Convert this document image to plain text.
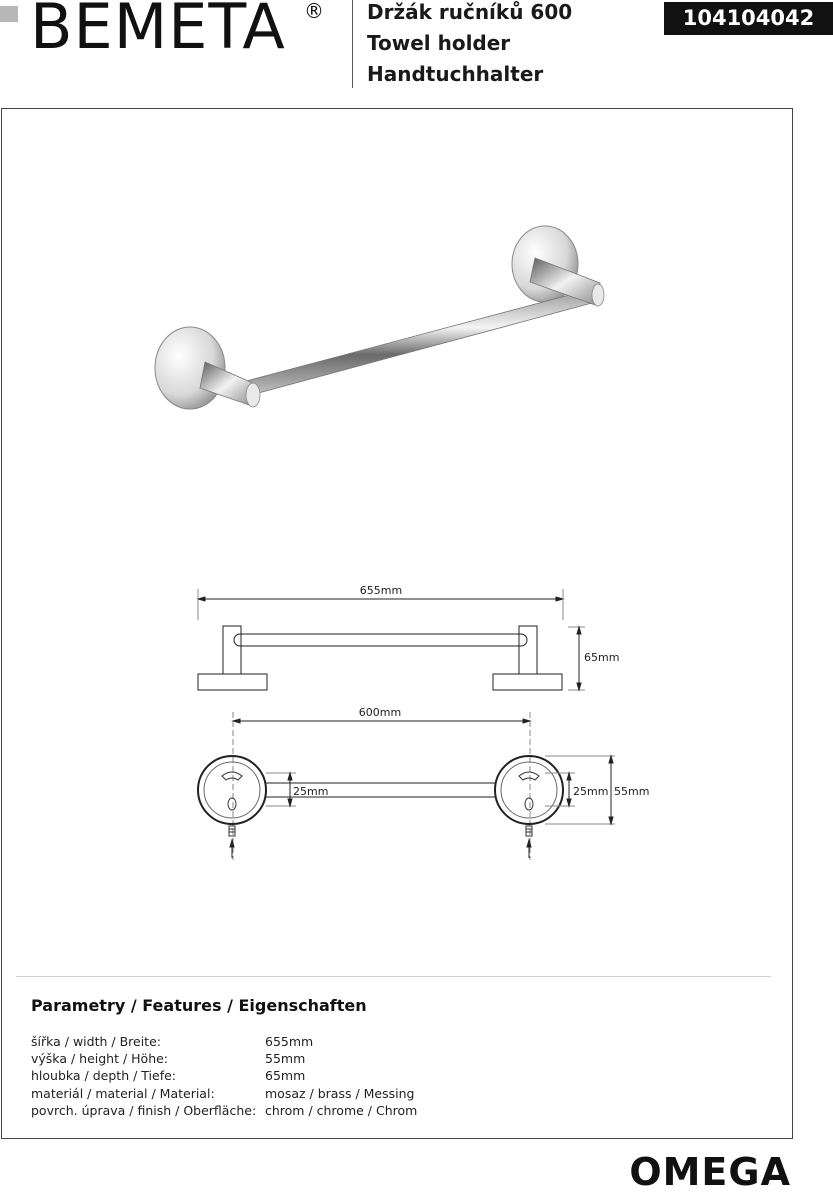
BEMETA ® Držák ručníků 600
Towel holder
Handtuchhalter
104104042
655mm
65mm
600mm
25mm	25mm 55mm
Parametry / Features / Eigenschaften
šířka / width / Breite:	655mm
výška / height / Höhe:	55mm
hloubka / depth / Tiefe:	65mm
materiál / material / Material:	mosaz / brass / Messing
povrch. úprava / finish / Oberfläche: chrom / chrome / Chrom
OMEGA
